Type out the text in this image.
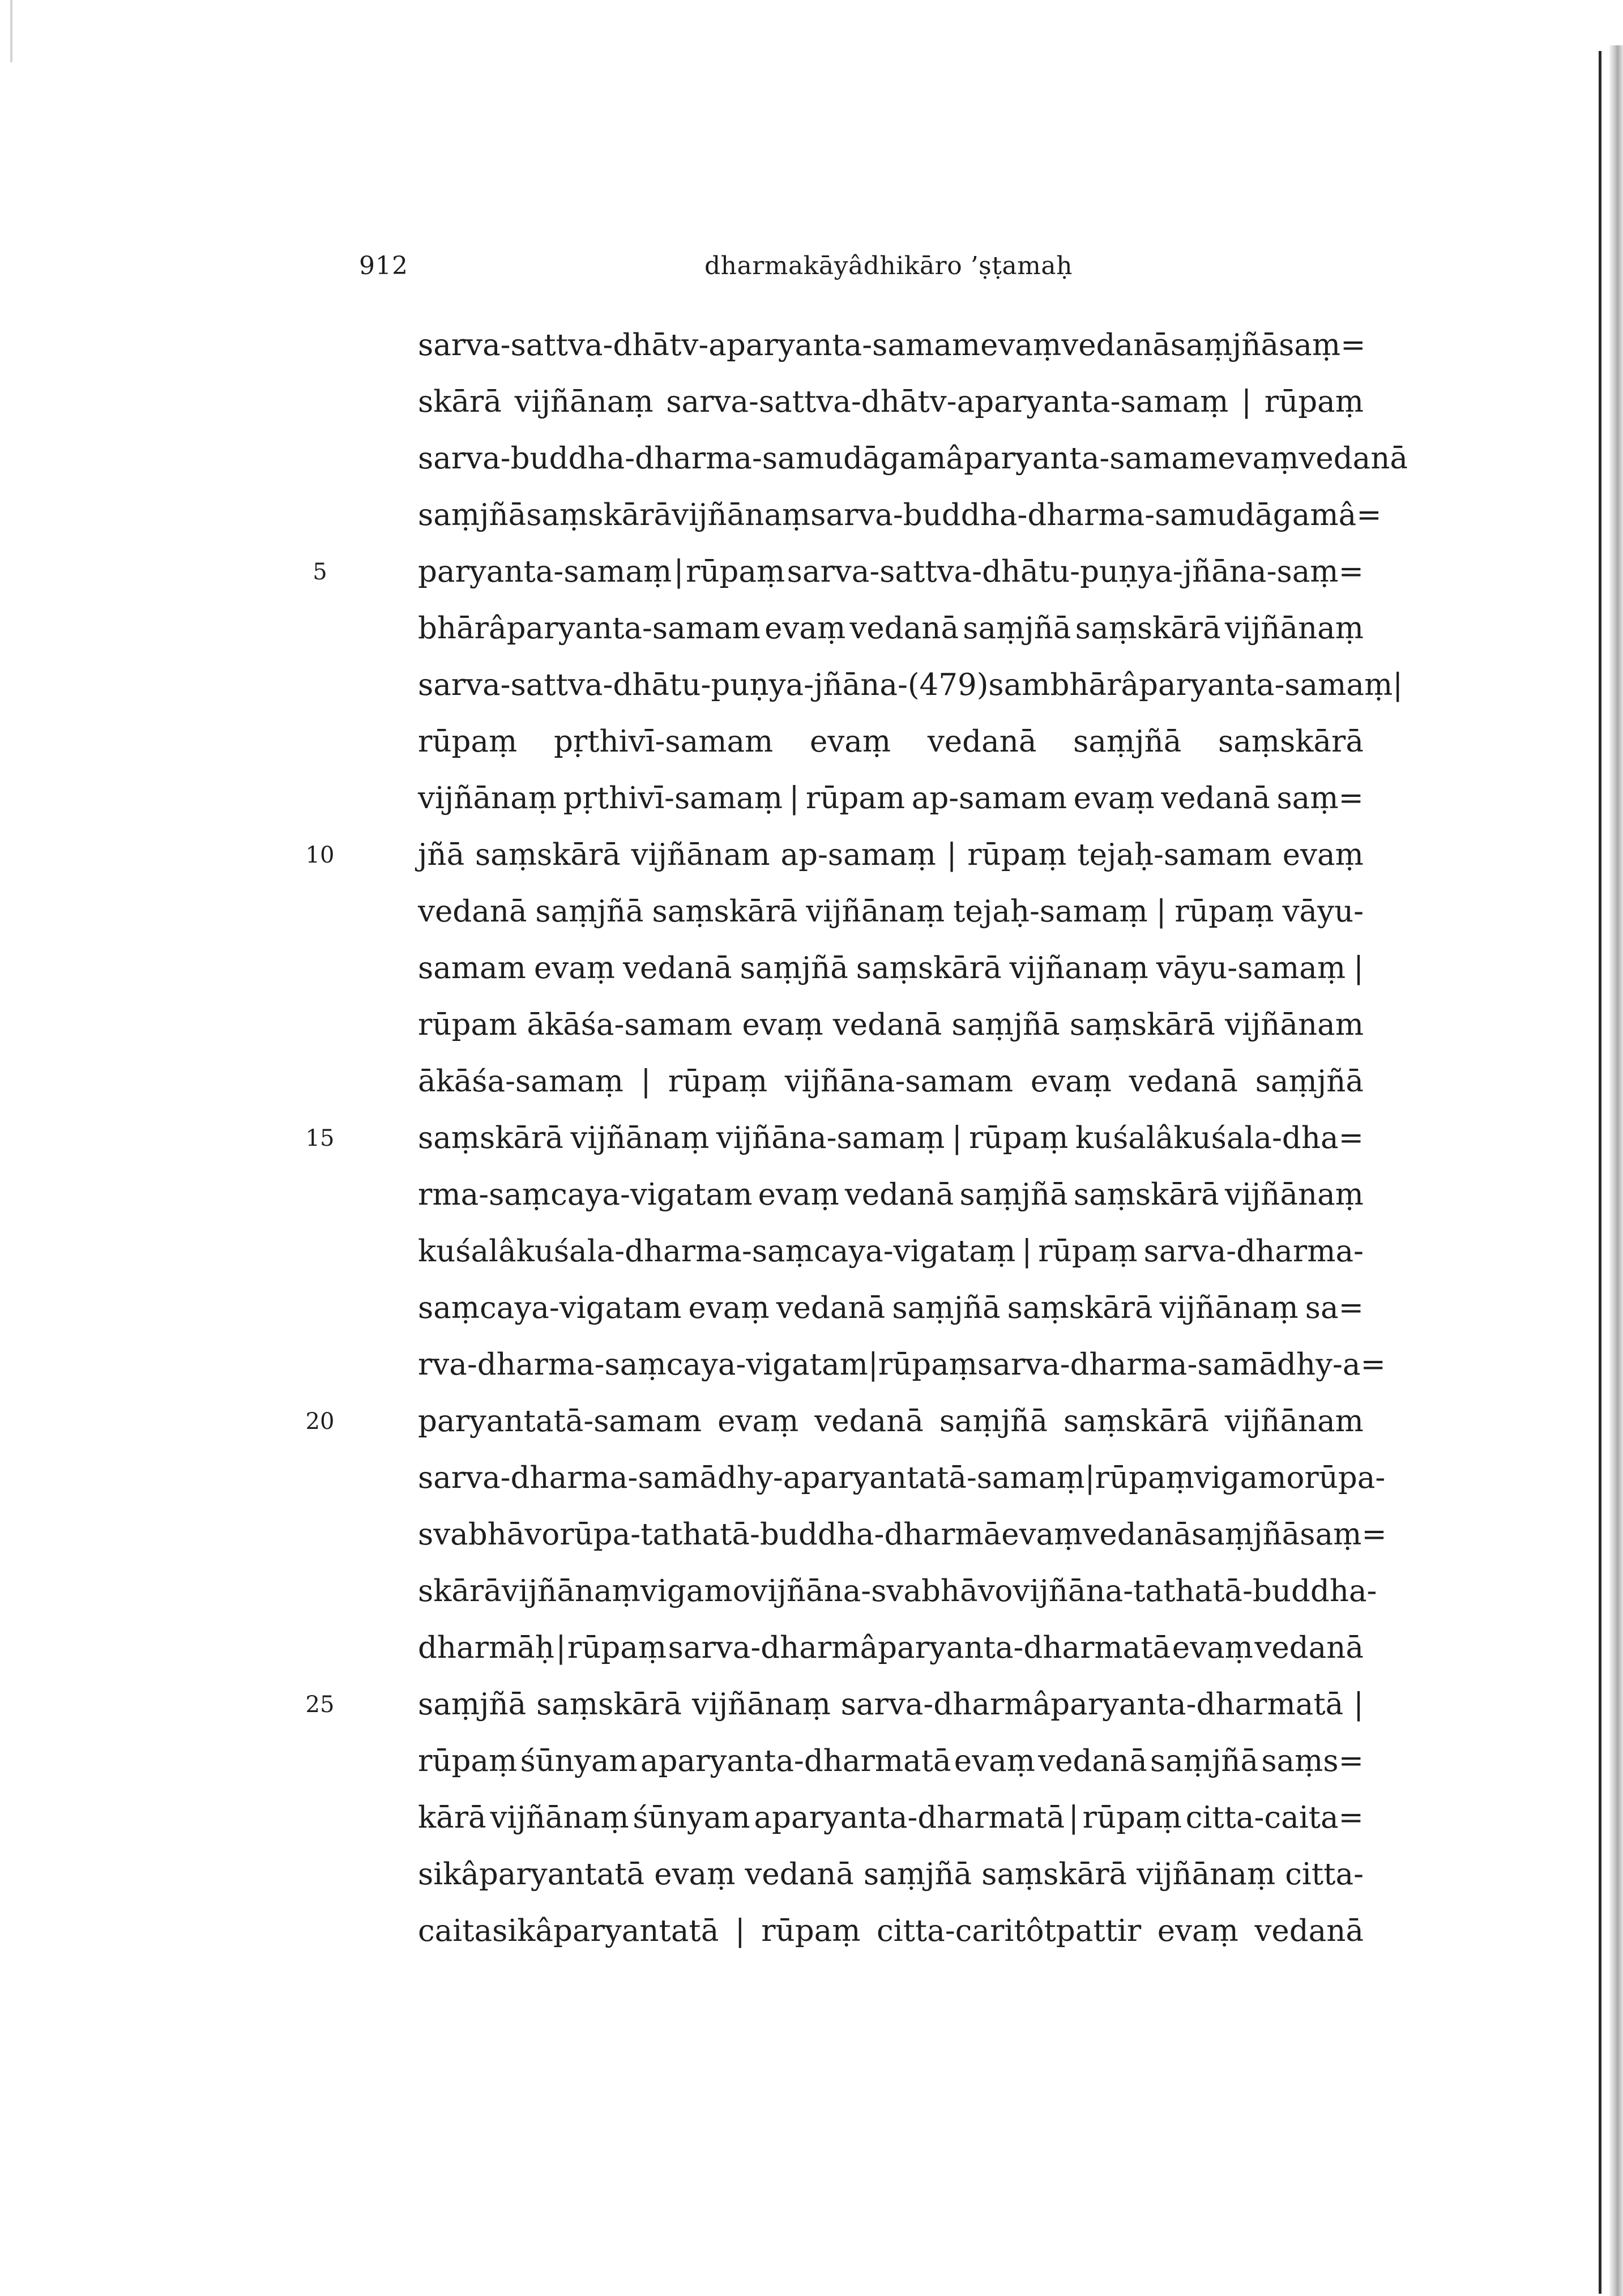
912	dharmakāyâdhikāro ’ṣṭamaḥ
5
10
15
20
25
sarva-sattva-dhātv-aparyanta-samam evaṃ vedanā saṃjñā saṃ=
skārā vijñānaṃ sarva-sattva-dhātv-aparyanta-samaṃ | rūpaṃ
sarva-buddha-dharma-samudāgamâparyanta-samam evaṃ vedanā
saṃjñā saṃskārā vijñānaṃ sarva-buddha-dharma-samudāgamâ=
paryanta-samaṃ | rūpaṃ sarva-sattva-dhātu-puṇya-jñāna-saṃ=
bhārâparyanta-samam evaṃ vedanā saṃjñā saṃskārā vijñānaṃ
sarva-sattva-dhātu-puṇya-jñāna-(479)sambhārâparyanta-samaṃ |
rūpaṃ pṛthivī-samam evaṃ vedanā saṃjñā saṃskārā
vijñānaṃ pṛthivī-samaṃ | rūpam ap-samam evaṃ vedanā saṃ=
jñā saṃskārā vijñānam ap-samaṃ | rūpaṃ tejaḥ-samam evaṃ
vedanā saṃjñā saṃskārā vijñānaṃ tejaḥ-samaṃ | rūpaṃ vāyu-
samam evaṃ vedanā saṃjñā saṃskārā vijñanaṃ vāyu-samaṃ |
rūpam ākāśa-samam evaṃ vedanā saṃjñā saṃskārā vijñānam
ākāśa-samaṃ | rūpaṃ vijñāna-samam evaṃ vedanā saṃjñā
saṃskārā vijñānaṃ vijñāna-samaṃ | rūpaṃ kuśalâkuśala-dha=
rma-saṃcaya-vigatam evaṃ vedanā saṃjñā saṃskārā vijñānaṃ
kuśalâkuśala-dharma-saṃcaya-vigataṃ | rūpaṃ sarva-dharma-
saṃcaya-vigatam evaṃ vedanā saṃjñā saṃskārā vijñānaṃ sa=
rva-dharma-saṃcaya-vigatam | rūpaṃ sarva-dharma-samādhy-a=
paryantatā-samam evaṃ vedanā saṃjñā saṃskārā vijñānam
sarva-dharma-samādhy-aparyantatā-samaṃ | rūpaṃ vigamo rūpa-
svabhāvo rūpa-tathatā-buddha-dharmā evaṃ vedanā saṃjñā saṃ=
skārā vijñānaṃ vigamo vijñāna-svabhāvo vijñāna-tathatā-buddha-
dharmāḥ | rūpaṃ sarva-dharmâparyanta-dharmatā evaṃ vedanā
saṃjñā saṃskārā vijñānaṃ sarva-dharmâparyanta-dharmatā |
rūpaṃ śūnyam aparyanta-dharmatā evaṃ vedanā saṃjñā saṃs=
kārā vijñānaṃ śūnyam aparyanta-dharmatā | rūpaṃ citta-caita=
sikâparyantatā evaṃ vedanā saṃjñā saṃskārā vijñānaṃ citta-
caitasikâparyantatā | rūpaṃ citta-caritôtpattir evaṃ vedanā
